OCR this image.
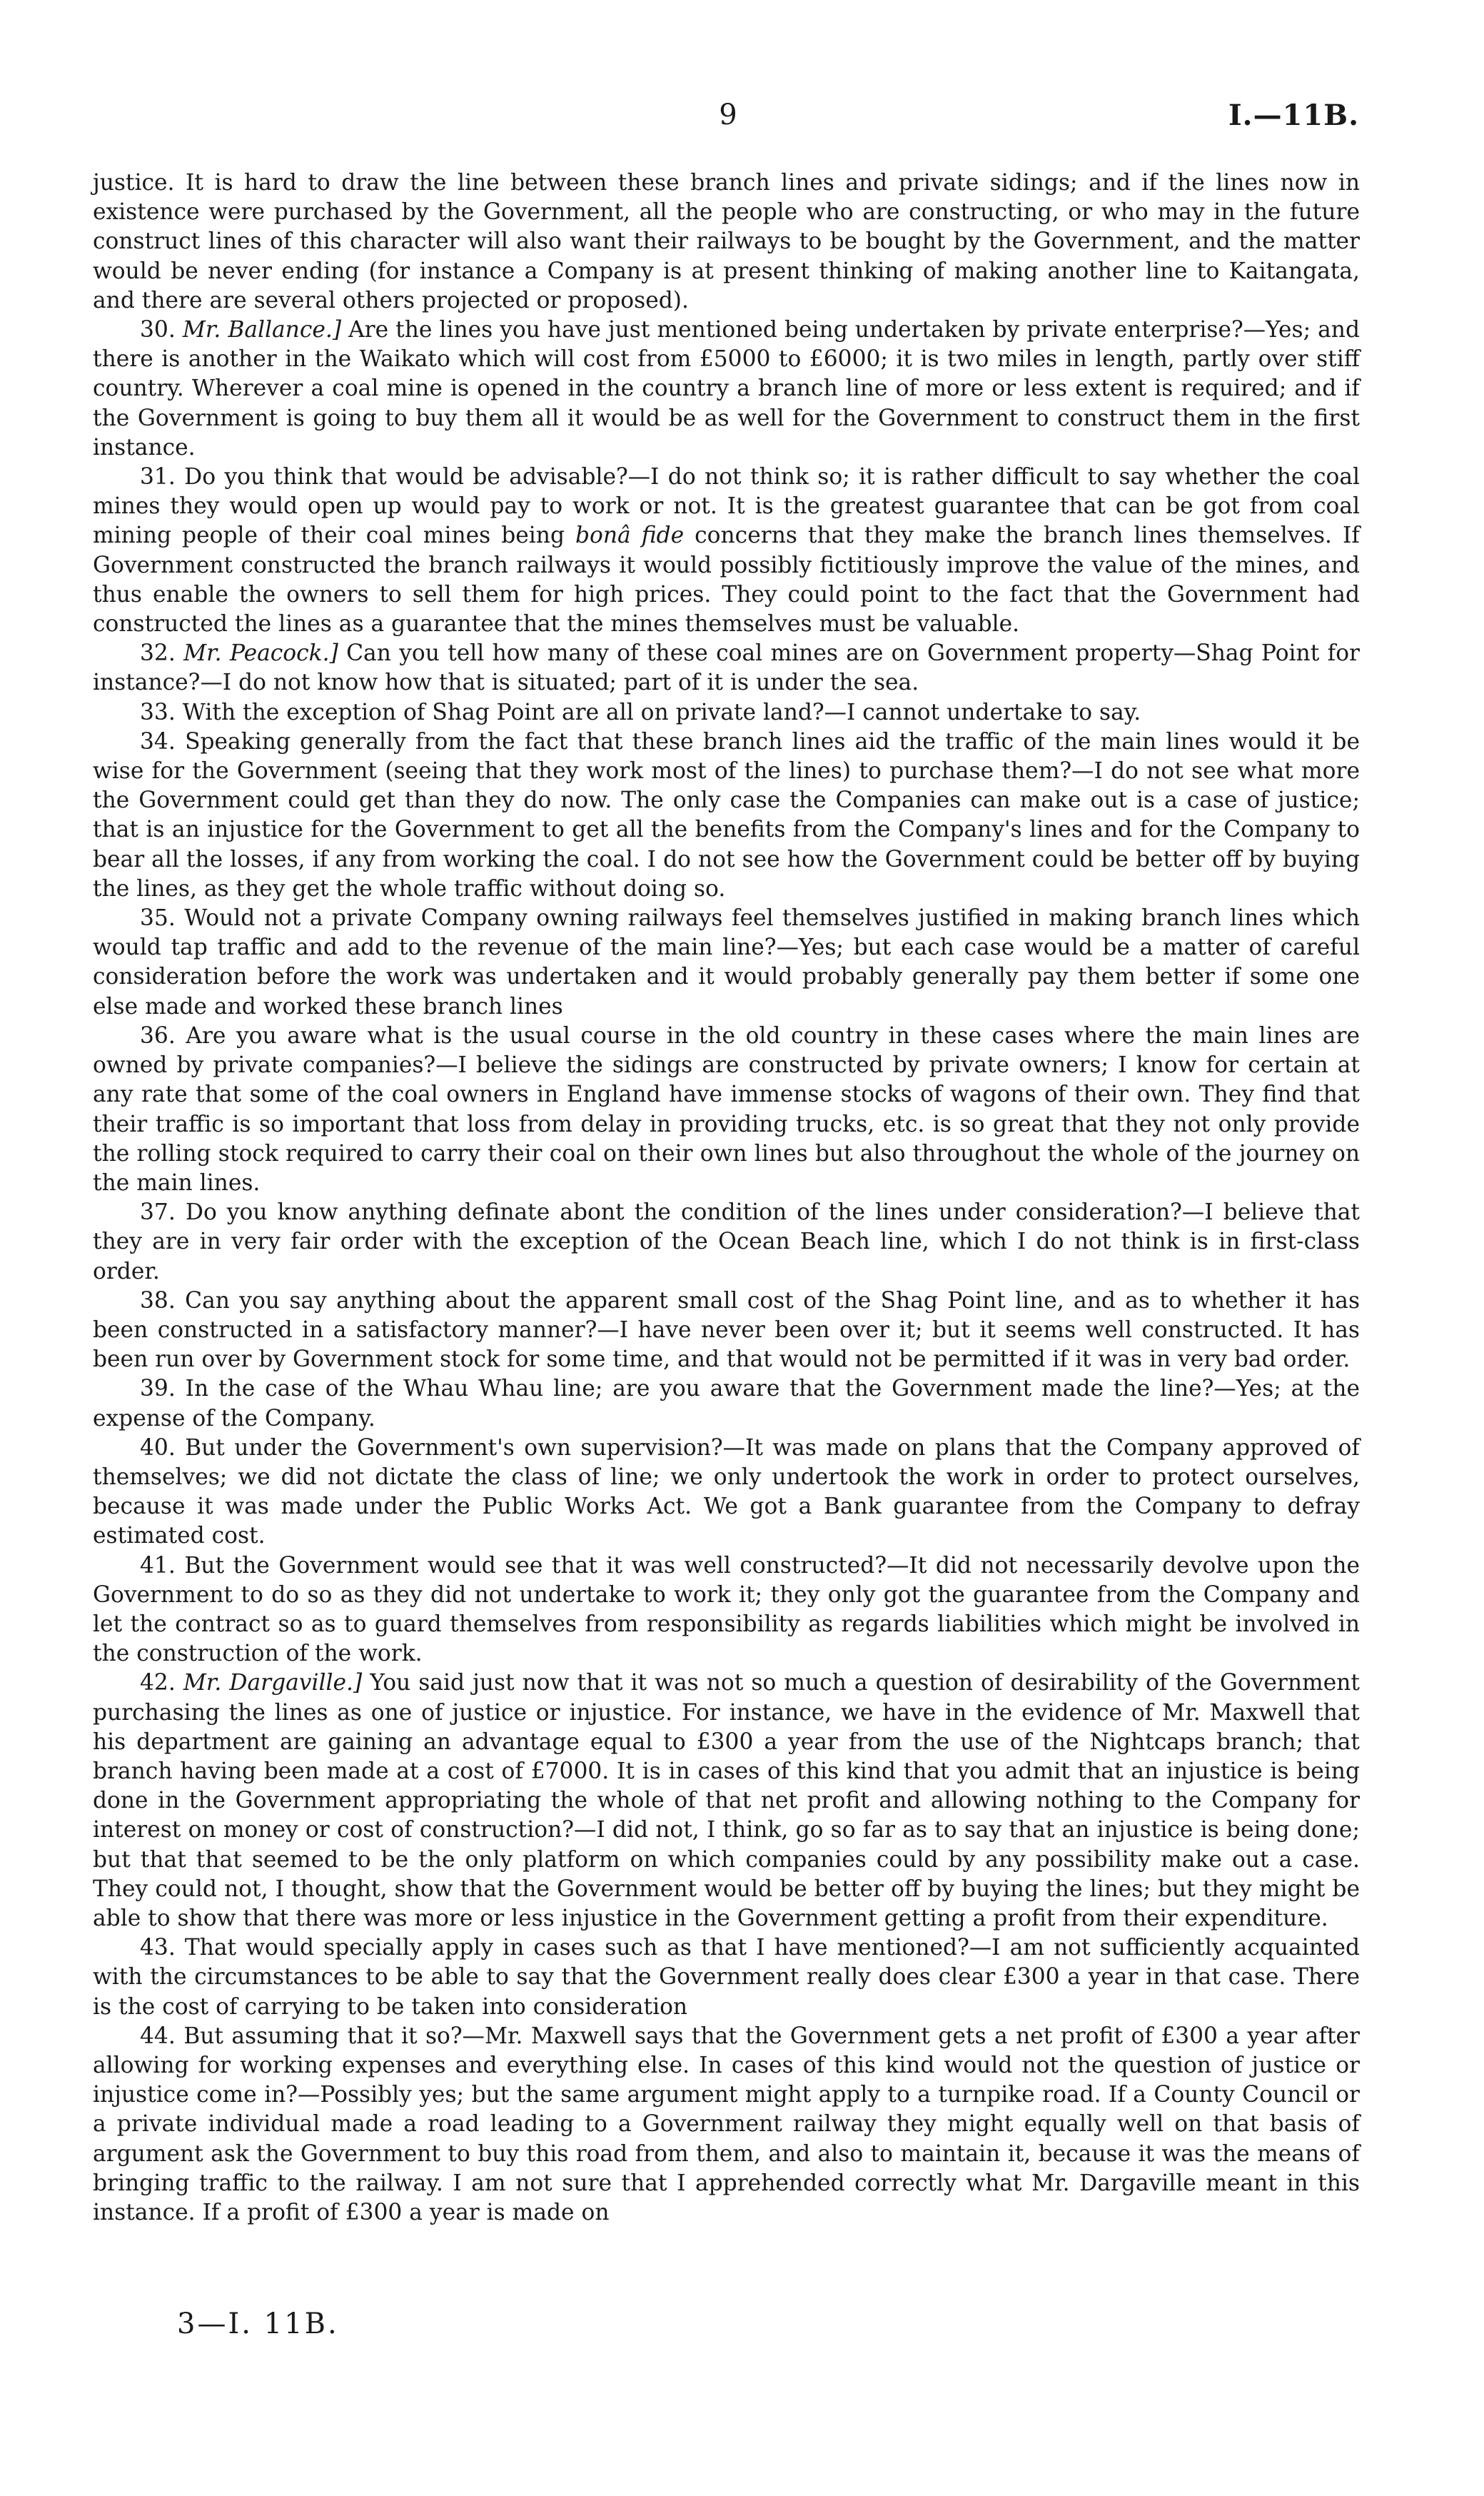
9	I.—11B.

justice. It is hard to draw the line between these branch lines and private sidings; and if the lines now in existence were purchased by the Government, all the people who are constructing, or who may in the future construct lines of this character will also want their railways to be bought by the Government, and the matter would be never ending (for instance a Company is at present thinking of making another line to Kaitangata, and there are several others projected or proposed).

30. Mr. Ballance.] Are the lines you have just mentioned being undertaken by private enterprise?—Yes; and there is another in the Waikato which will cost from £5000 to £6000; it is two miles in length, partly over stiff country. Wherever a coal mine is opened in the country a branch line of more or less extent is required; and if the Government is going to buy them all it would be as well for the Government to construct them in the first instance.

31. Do you think that would be advisable?—I do not think so; it is rather difficult to say whether the coal mines they would open up would pay to work or not. It is the greatest guarantee that can be got from coal mining people of their coal mines being bonâ fide concerns that they make the branch lines themselves. If Government constructed the branch railways it would possibly fictitiously improve the value of the mines, and thus enable the owners to sell them for high prices. They could point to the fact that the Government had constructed the lines as a guarantee that the mines themselves must be valuable.

32. Mr. Peacock.] Can you tell how many of these coal mines are on Government property—Shag Point for instance?—I do not know how that is situated; part of it is under the sea.

33. With the exception of Shag Point are all on private land?—I cannot undertake to say.

34. Speaking generally from the fact that these branch lines aid the traffic of the main lines would it be wise for the Government (seeing that they work most of the lines) to purchase them?—I do not see what more the Government could get than they do now. The only case the Companies can make out is a case of justice; that is an injustice for the Government to get all the benefits from the Company's lines and for the Company to bear all the losses, if any from working the coal. I do not see how the Government could be better off by buying the lines, as they get the whole traffic without doing so.

35. Would not a private Company owning railways feel themselves justified in making branch lines which would tap traffic and add to the revenue of the main line?—Yes; but each case would be a matter of careful consideration before the work was undertaken and it would probably generally pay them better if some one else made and worked these branch lines

36. Are you aware what is the usual course in the old country in these cases where the main lines are owned by private companies?—I believe the sidings are constructed by private owners; I know for certain at any rate that some of the coal owners in England have immense stocks of wagons of their own. They find that their traffic is so important that loss from delay in providing trucks, etc. is so great that they not only provide the rolling stock required to carry their coal on their own lines but also throughout the whole of the journey on the main lines.

37. Do you know anything definate abont the condition of the lines under consideration?—I believe that they are in very fair order with the exception of the Ocean Beach line, which I do not think is in first-class order.

38. Can you say anything about the apparent small cost of the Shag Point line, and as to whether it has been constructed in a satisfactory manner?—I have never been over it; but it seems well constructed. It has been run over by Government stock for some time, and that would not be permitted if it was in very bad order.

39. In the case of the Whau Whau line; are you aware that the Government made the line?—Yes; at the expense of the Company.

40. But under the Government's own supervision?—It was made on plans that the Company approved of themselves; we did not dictate the class of line; we only undertook the work in order to protect ourselves, because it was made under the Public Works Act. We got a Bank guarantee from the Company to defray estimated cost.

41. But the Government would see that it was well constructed?—It did not necessarily devolve upon the Government to do so as they did not undertake to work it; they only got the guarantee from the Company and let the contract so as to guard themselves from responsibility as regards liabilities which might be involved in the construction of the work.

42. Mr. Dargaville.] You said just now that it was not so much a question of desirability of the Government purchasing the lines as one of justice or injustice. For instance, we have in the evidence of Mr. Maxwell that his department are gaining an advantage equal to £300 a year from the use of the Nightcaps branch; that branch having been made at a cost of £7000. It is in cases of this kind that you admit that an injustice is being done in the Government appropriating the whole of that net profit and allowing nothing to the Company for interest on money or cost of construction?—I did not, I think, go so far as to say that an injustice is being done; but that that seemed to be the only platform on which companies could by any possibility make out a case. They could not, I thought, show that the Government would be better off by buying the lines; but they might be able to show that there was more or less injustice in the Government getting a profit from their expenditure.

43. That would specially apply in cases such as that I have mentioned?—I am not sufficiently acquainted with the circumstances to be able to say that the Government really does clear £300 a year in that case. There is the cost of carrying to be taken into consideration

44. But assuming that it so?—Mr. Maxwell says that the Government gets a net profit of £300 a year after allowing for working expenses and everything else. In cases of this kind would not the question of justice or injustice come in?—Possibly yes; but the same argument might apply to a turnpike road. If a County Council or a private individual made a road leading to a Government railway they might equally well on that basis of argument ask the Government to buy this road from them, and also to maintain it, because it was the means of bringing traffic to the railway. I am not sure that I apprehended correctly what Mr. Dargaville meant in this instance. If a profit of £300 a year is made on

3—I. 11B.
